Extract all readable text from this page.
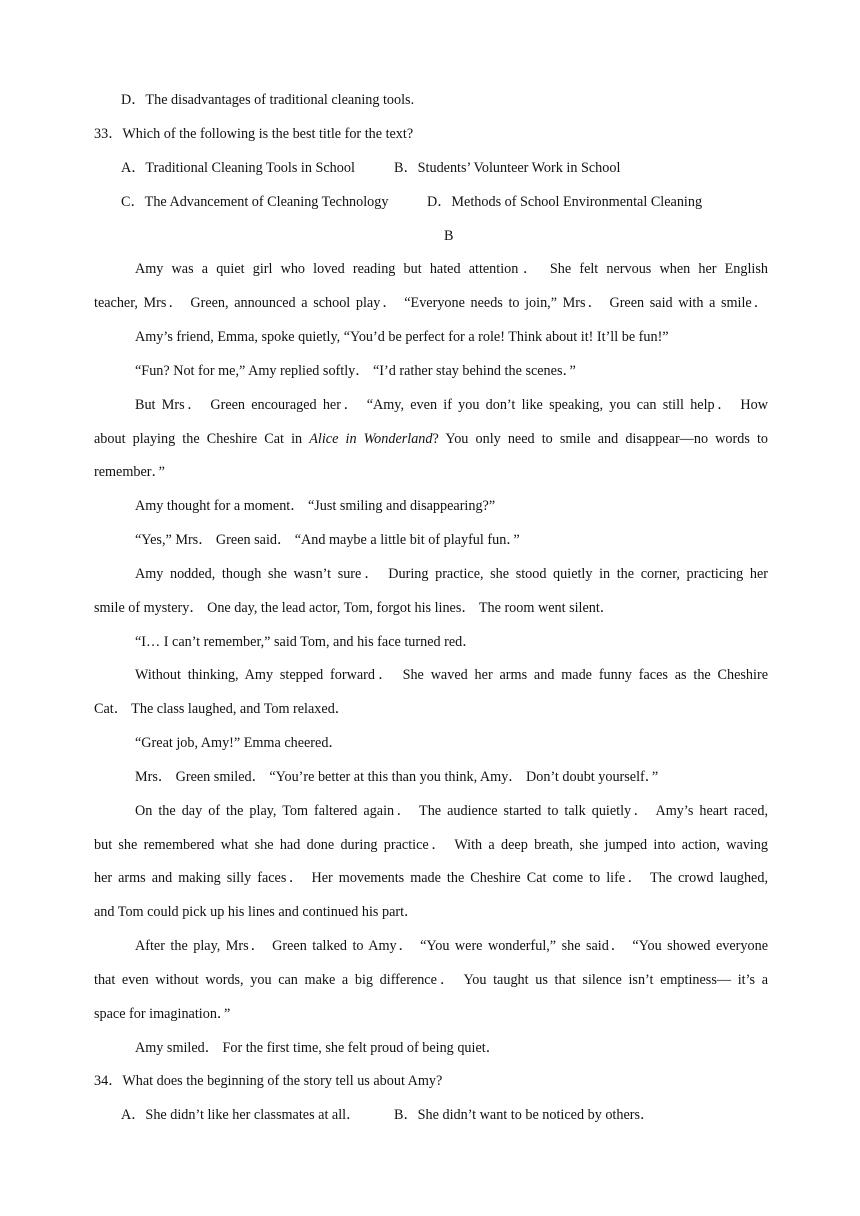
D．The disadvantages of traditional cleaning tools.
33．Which of the following is the best title for the text?
A．Traditional Cleaning Tools in School	B．Students’ Volunteer Work in School
C．The Advancement of Cleaning Technology	D．Methods of School Environmental Cleaning
B
Amy was a quiet girl who loved reading but hated attention． She felt nervous when her English
teacher, Mrs． Green, announced a school play． “Everyone needs to join,” Mrs． Green said with a smile．
Amy’s friend, Emma, spoke quietly, “You’d be perfect for a role! Think about it! It’ll be fun!”
“Fun? Not for me,” Amy replied softly． “I’d rather stay behind the scenes．”
But Mrs． Green encouraged her． “Amy, even if you don’t like speaking, you can still help． How
about playing the Cheshire Cat in Alice in Wonderland? You only need to smile and disappear—no words to
remember．”
Amy thought for a moment． “Just smiling and disappearing?”
“Yes,” Mrs． Green said． “And maybe a little bit of playful fun．”
Amy nodded, though she wasn’t sure． During practice, she stood quietly in the corner, practicing her
smile of mystery． One day, the lead actor, Tom, forgot his lines． The room went silent．
“I… I can’t remember,” said Tom, and his face turned red．
Without thinking, Amy stepped forward． She waved her arms and made funny faces as the Cheshire
Cat． The class laughed, and Tom relaxed．
“Great job, Amy!” Emma cheered．
Mrs． Green smiled． “You’re better at this than you think, Amy． Don’t doubt yourself．”
On the day of the play, Tom faltered again． The audience started to talk quietly． Amy’s heart raced,
but she remembered what she had done during practice． With a deep breath, she jumped into action, waving
her arms and making silly faces． Her movements made the Cheshire Cat come to life． The crowd laughed,
and Tom could pick up his lines and continued his part．
After the play, Mrs． Green talked to Amy． “You were wonderful,” she said． “You showed everyone
that even without words, you can make a big difference． You taught us that silence isn’t emptiness— it’s a
space for imagination．”
Amy smiled． For the first time, she felt proud of being quiet．
34．What does the beginning of the story tell us about Amy?
A．She didn’t like her classmates at all． B．She didn’t want to be noticed by others．
